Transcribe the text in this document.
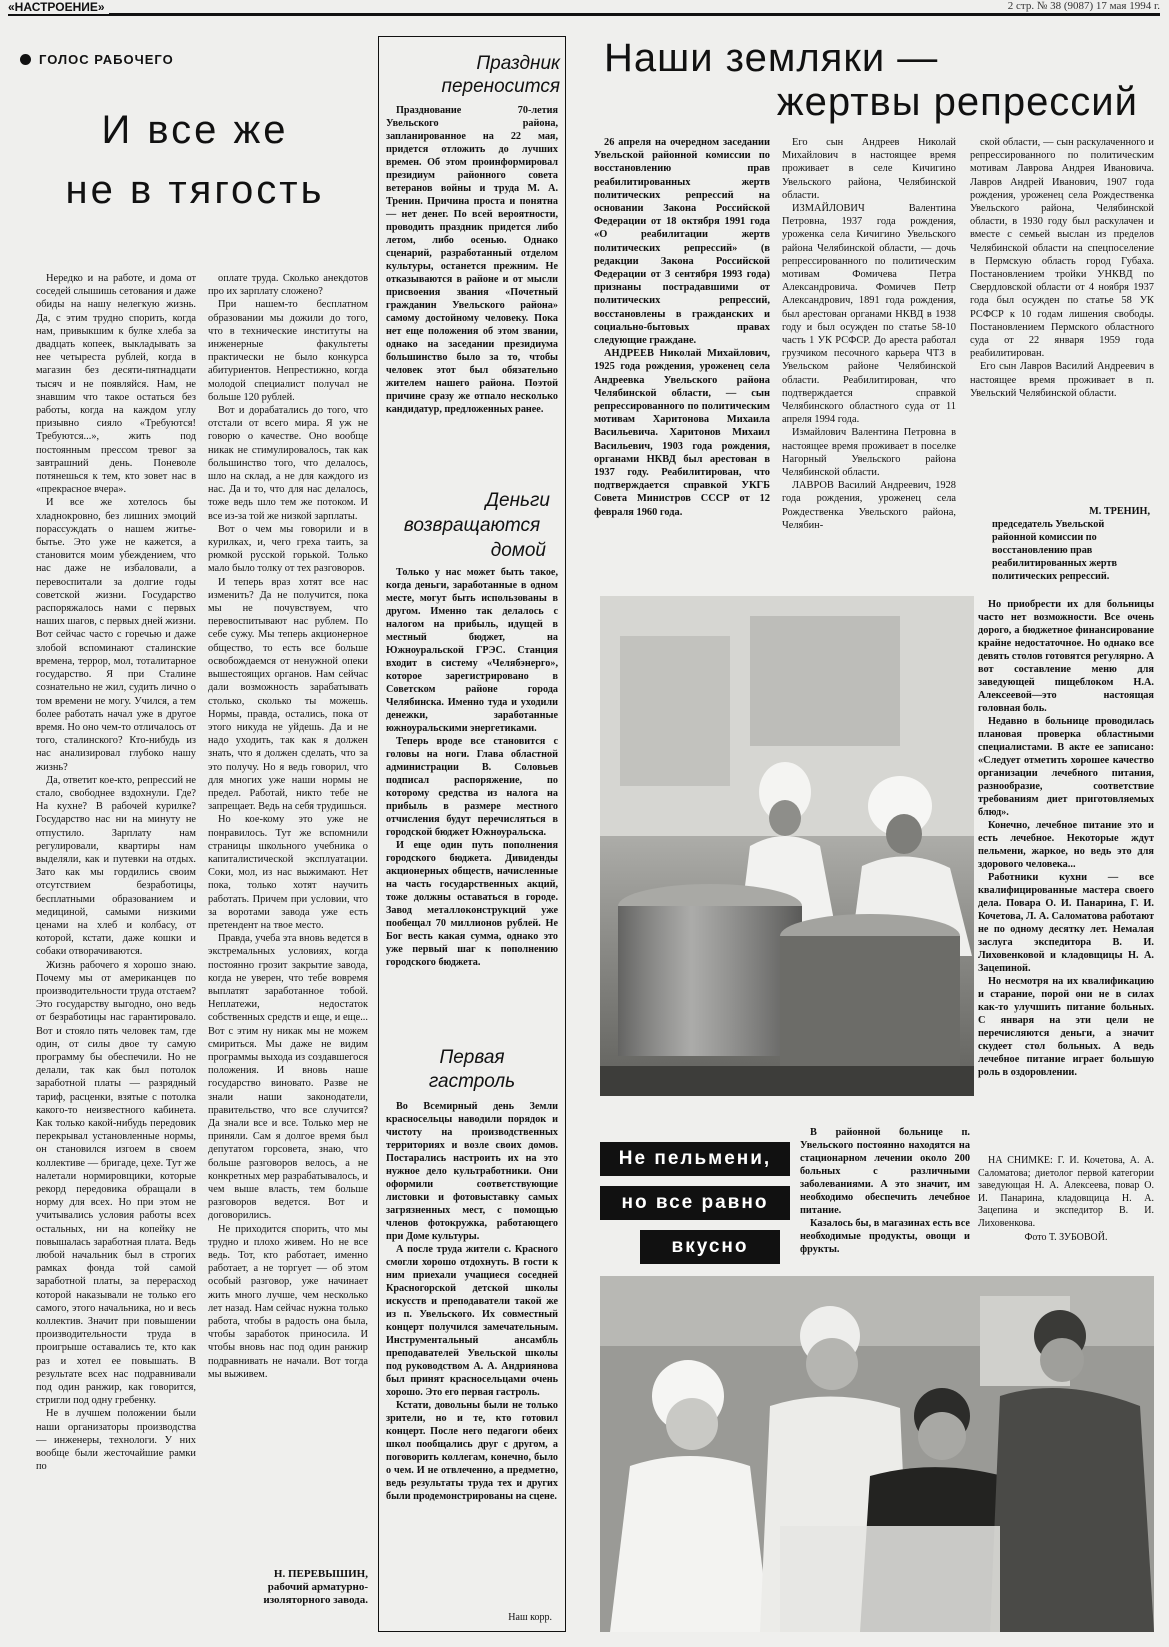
«НАСТРОЕНИЕ»	2 стр. № 38 (9087) 17 мая 1994 г.
ГОЛОС РАБОЧЕГО
И все же
не в тягость

Нередко и на работе, и дома от соседей слышишь сетования и даже обиды на нашу нелегкую жизнь. Да, с этим трудно спорить, когда нам, привыкшим к булке хлеба за двадцать копеек, выкладывать за нее четыреста рублей, когда в магазин без десяти-пятнадцати тысяч и не появляйся. Нам, не знавшим что такое остаться без работы, когда на каждом углу призывно сияло «Требуются! Требуются...», жить под постоянным прессом тревог за завтрашний день. Поневоле потянешься к тем, кто зовет нас в «прекрасное вчера».

И все же хотелось бы хладнокровно, без лишних эмоций порассуждать о нашем житье-бытье. Это уже не кажется, а становится моим убеждением, что нас даже не избаловали, а перевоспитали за долгие годы советской жизни. Государство распоряжалось нами с первых наших шагов, с первых дней жизни. Вот сейчас часто с горечью и даже злобой вспоминают сталинские времена, террор, мол, тоталитарное государство. Я при Сталине сознательно не жил, судить лично о том времени не могу. Учился, а тем более работать начал уже в другое время. Но оно чем-то отличалось от того, сталинского? Кто-нибудь из нас анализировал глубоко нашу жизнь?

Да, ответит кое-кто, репрессий не стало, свободнее вздохнули. Где? На кухне? В рабочей курилке? Государство нас ни на минуту не отпустило. Зарплату нам регулировали, квартиры нам выделяли, как и путевки на отдых. Зато как мы гордились своим отсутствием безработицы, бесплатными образованием и медициной, самыми низкими ценами на хлеб и колбасу, от которой, кстати, даже кошки и собаки отворачиваются.

Жизнь рабочего я хорошо знаю. Почему мы от американцев по производительности труда отстаем? Это государству выгодно, оно ведь от безработицы нас гарантировало. Вот и стояло пять человек там, где один, от силы двое ту самую программу бы обеспечили. Но не делали, так как был потолок заработной платы — разрядный тариф, расценки, взятые с потолка какого-то неизвестного кабинета. Как только какой-нибудь передовик перекрывал установленные нормы, он становился изгоем в своем коллективе — бригаде, цехе. Тут же налетали нормировщики, которые рекорд передовика обращали в норму для всех. Но при этом не учитывались условия работы всех остальных, ни на копейку не повышалась заработная плата. Ведь любой начальник был в строгих рамках фонда той самой заработной платы, за перерасход которой наказывали не только его самого, этого начальника, но и весь коллектив. Значит при повышении производительности труда в проигрыше оставались те, кто как раз и хотел ее повышать. В результате всех нас подравнивали под один ранжир, как говорится, стригли под одну гребенку.

Не в лучшем положении были наши организаторы производства — инженеры, технологи. У них вообще были жесточайшие рамки по

оплате труда. Сколько анекдотов про их зарплату сложено?

При нашем-то бесплатном образовании мы дожили до того, что в технические институты на инженерные факультеты практически не было конкурса абитуриентов. Непрестижно, когда молодой специалист получал не больше 120 рублей.

Вот и дорабатались до того, что отстали от всего мира. Я уж не говорю о качестве. Оно вообще никак не стимулировалось, так как большинство того, что делалось, шло на склад, а не для каждого из нас. Да и то, что для нас делалось, тоже ведь шло тем же потоком. И все из-за той же низкой зарплаты.

Вот о чем мы говорили и в курилках, и, чего греха таить, за рюмкой русской горькой. Только мало было толку от тех разговоров.

И теперь враз хотят все нас изменить? Да не получится, пока мы не почувствуем, что перевоспитывают нас рублем. По себе сужу. Мы теперь акционерное общество, то есть все больше освобождаемся от ненужной опеки вышестоящих органов. Нам сейчас дали возможность зарабатывать столько, сколько ты можешь. Нормы, правда, остались, пока от этого никуда не уйдешь. Да и не надо уходить, так как я должен знать, что я должен сделать, что за это получу. Но я ведь говорил, что для многих уже наши нормы не предел. Работай, никто тебе не запрещает. Ведь на себя трудишься.

Но кое-кому это уже не понравилось. Тут же вспомнили страницы школьного учебника о капиталистической эксплуатации. Соки, мол, из нас выжимают. Нет пока, только хотят научить работать. Причем при условии, что за воротами завода уже есть претендент на твое место.

Правда, учеба эта вновь ведется в экстремальных условиях, когда постоянно грозит закрытие завода, когда не уверен, что тебе вовремя выплатят заработанное тобой. Неплатежи, недостаток собственных средств и еще, и еще... Вот с этим ну никак мы не можем смириться. Мы даже не видим программы выхода из создавшегося положения. И вновь наше государство виновато. Разве не знали наши законодатели, правительство, что все случится? Да знали все и все. Только мер не приняли. Сам я долгое время был депутатом горсовета, знаю, что больше разговоров велось, а не конкретных мер разрабатывалось, и чем выше власть, тем больше разговоров ведется. Вот и договорились.

Не приходится спорить, что мы трудно и плохо живем. Но не все ведь. Тот, кто работает, именно работает, а не торгует — об этом особый разговор, уже начинает жить много лучше, чем несколько лет назад. Нам сейчас нужна только работа, чтобы в радость она была, чтобы заработок приносила. И чтобы вновь нас под один ранжир подравнивать не начали. Вот тогда мы выживем.

Н. ПЕРЕВЫШИН,
рабочий арматурно-изоляторного завода.
Праздник
переносится

Празднование 70-летия Увельского района, запланированное на 22 мая, придется отложить до лучших времен. Об этом проинформировал президиум районного совета ветеранов войны и труда М. А. Тренин. Причина проста и понятна — нет денег. По всей вероятности, проводить праздник придется либо летом, либо осенью. Однако сценарий, разработанный отделом культуры, останется прежним. Не отказываются в районе и от мысли присвоения звания «Почетный гражданин Увельского района» самому достойному человеку. Пока нет еще положения об этом звании, однако на заседании президиума большинство было за то, чтобы человек этот был обязательно жителем нашего района. Поэтой причине сразу же отпало несколько кандидатур, предложенных ранее.

Деньги
возвращаются
домой

Только у нас может быть такое, когда деньги, заработанные в одном месте, могут быть использованы в другом. Именно так делалось с налогом на прибыль, идущей в местный бюджет, на Южноуральской ГРЭС. Станция входит в систему «Челябэнерго», которое зарегистрировано в Советском районе города Челябинска. Именно туда и уходили денежки, заработанные южноуральскими энергетиками.

Теперь вроде все становится с головы на ноги. Глава областной администрации В. Соловьев подписал распоряжение, по которому средства из налога на прибыль в размере местного отчисления будут перечисляться в городской бюджет Южноуральска.

И еще один путь пополнения городского бюджета. Дивиденды акционерных обществ, начисленные на часть государственных акций, тоже должны оставаться в городе. Завод металлоконструкций уже пообещал 70 миллионов рублей. Не Бог весть какая сумма, однако это уже первый шаг к пополнению городского бюджета.

Первая
гастроль

Во Всемирный день Земли красносельцы наводили порядок и чистоту на производственных территориях и возле своих домов. Постарались настроить их на это нужное дело культработники. Они оформили соответствующие листовки и фотовыставку самых загрязненных мест, с помощью членов фотокружка, работающего при Доме культуры.

А после труда жители с. Красного смогли хорошо отдохнуть. В гости к ним приехали учащиеся соседней Красногорской детской школы искусств и преподаватели такой же из п. Увельского. Их совместный концерт получился замечательным. Инструментальный ансамбль преподавателей Увельской школы под руководством А. А. Андриянова был принят красносельцами очень хорошо. Это его первая гастроль.

Кстати, довольны были не только зрители, но и те, кто готовил концерт. После него педагоги обеих школ пообщались друг с другом, а поговорить коллегам, конечно, было о чем. И не отвлеченно, а предметно, ведь результаты труда тех и других были продемонстрированы на сцене.

Наш корр.
Наши земляки —
жертвы репрессий

26 апреля на очередном заседании Увельской районной комиссии по восстановлению прав реабилитированных жертв политических репрессий на основании Закона Российской Федерации от 18 октября 1991 года «О реабилитации жертв политических репрессий» (в редакции Закона Российской Федерации от 3 сентября 1993 года) признаны пострадавшими от политических репрессий, восстановлены в гражданских и социально-бытовых правах следующие граждане.

АНДРЕЕВ Николай Михайлович, 1925 года рождения, уроженец села Андреевка Увельского района Челябинской области, — сын репрессированного по политическим мотивам Харитонова Михаила Васильевича. Харитонов Михаил Васильевич, 1903 года рождения, органами НКВД был арестован в 1937 году. Реабилитирован, что подтверждается справкой УКГБ Совета Министров СССР от 12 февраля 1960 года.

Его сын Андреев Николай Михайлович в настоящее время проживает в селе Кичигино Увельского района, Челябинской области.

ИЗМАЙЛОВИЧ Валентина Петровна, 1937 года рождения, уроженка села Кичигино Увельского района Челябинской области, — дочь репрессированного по политическим мотивам Фомичева Петра Александровича. Фомичев Петр Александрович, 1891 года рождения, был арестован органами НКВД в 1938 году и был осужден по статье 58-10 часть 1 УК РСФСР. До ареста работал грузчиком песочного карьера ЧТЗ в Увельском районе Челябинской области. Реабилитирован, что подтверждается справкой Челябинского областного суда от 11 апреля 1994 года.

Измайлович Валентина Петровна в настоящее время проживает в поселке Нагорный Увельского района Челябинской области.

ЛАВРОВ Василий Андреевич, 1928 года рождения, уроженец села Рождественка Увельского района, Челябин-

ской области, — сын раскулаченного и репрессированного по политическим мотивам Лаврова Андрея Ивановича. Лавров Андрей Иванович, 1907 года рождения, уроженец села Рождественка Увельского района, Челябинской области, в 1930 году был раскулачен и вместе с семьей выслан из пределов Челябинской области на спецпоселение в Пермскую область город Губаха. Постановлением тройки УНКВД по Свердловской области от 4 ноября 1937 года был осужден по статье 58 УК РСФСР к 10 годам лишения свободы. Постановлением Пермского областного суда от 22 января 1959 года реабилитирован.

Его сын Лавров Василий Андреевич в настоящее время проживает в п. Увельский Челябинской области.

М. ТРЕНИН,
председатель Увельской районной комиссии по восстановлению прав реабилитированных жертв политических репрессий.

Но приобрести их для больницы часто нет возможности. Все очень дорого, а бюджетное финансирование крайне недостаточное. Но однако все девять столов готовятся регулярно. А вот составление меню для заведующей пищеблоком Н.А. Алексеевой—это настоящая головная боль.

Недавно в больнице проводилась плановая проверка областными специалистами. В акте ее записано: «Следует отметить хорошее качество организации лечебного питания, разнообразие, соответствие требованиям диет приготовляемых блюд».

Конечно, лечебное питание это и есть лечебное. Некоторые ждут пельмени, жаркое, но ведь это для здорового человека...

Работники кухни — все квалифицированные мастера своего дела. Повара О. И. Панарина, Г. И. Кочетова, Л. А. Саломатова работают не по одному десятку лет. Немалая заслуга экспедитора В. И. Лиховенковой и кладовщицы Н. А. Зацепиной.

Но несмотря на их квалификацию и старание, порой они не в силах как-то улучшить питание больных. С января на эти цели не перечисляются деньги, а значит скудеет стол больных. А ведь лечебное питание играет большую роль в оздоровлении.

Не пельмени,
но все равно
вкусно

В районной больнице п. Увельского постоянно находятся на стационарном лечении около 200 больных с различными заболеваниями. А это значит, им необходимо обеспечить лечебное питание.

Казалось бы, в магазинах есть все необходимые продукты, овощи и фрукты.

НА СНИМКЕ: Г. И. Кочетова, А. А. Саломатова; диетолог первой категории заведующая Н. А. Алексеева, повар О. И. Панарина, кладовщица Н. А. Зацепина и экспедитор В. И. Лиховенкова.

Фото Т. ЗУБОВОЙ.
